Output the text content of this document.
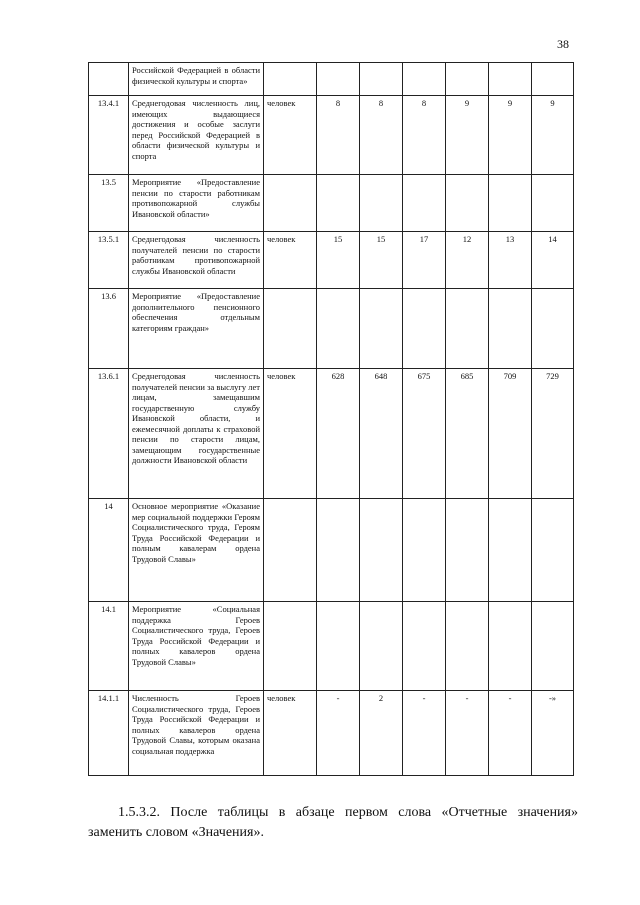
38
	Российской Федерацией в области физической культуры и спорта»							
13.4.1	Среднегодовая численность лиц, имеющих выдающиеся достижения и особые заслуги перед Российской Федерацией в области физической культуры и спорта	человек	8	8	8	9	9	9
13.5	Мероприятие «Предоставление пенсии по старости работникам противопожарной службы Ивановской области»							
13.5.1	Среднегодовая численность получателей пенсии по старости работникам противопожарной службы Ивановской области	человек	15	15	17	12	13	14
13.6	Мероприятие «Предоставление дополнительного пенсионного обеспечения отдельным категориям граждан»							
13.6.1	Среднегодовая численность получателей пенсии за выслугу лет лицам, замещавшим государственную службу Ивановской области, и ежемесячной доплаты к страховой пенсии по старости лицам, замещающим государственные должности Ивановской области	человек	628	648	675	685	709	729
14	Основное мероприятие «Оказание мер социальной поддержки Героям Социалистического труда, Героям Труда Российской Федерации и полным кавалерам ордена Трудовой Славы»							
14.1	Мероприятие «Социальная поддержка Героев Социалистического труда, Героев Труда Российской Федерации и полных кавалеров ордена Трудовой Славы»							
14.1.1	Численность Героев Социалистического труда, Героев Труда Российской Федерации и полных кавалеров ордена Трудовой Славы, которым оказана социальная поддержка	человек	-	2	-	-	-	-»

1.5.3.2. После таблицы в абзаце первом слова «Отчетные значения» заменить словом «Значения».
